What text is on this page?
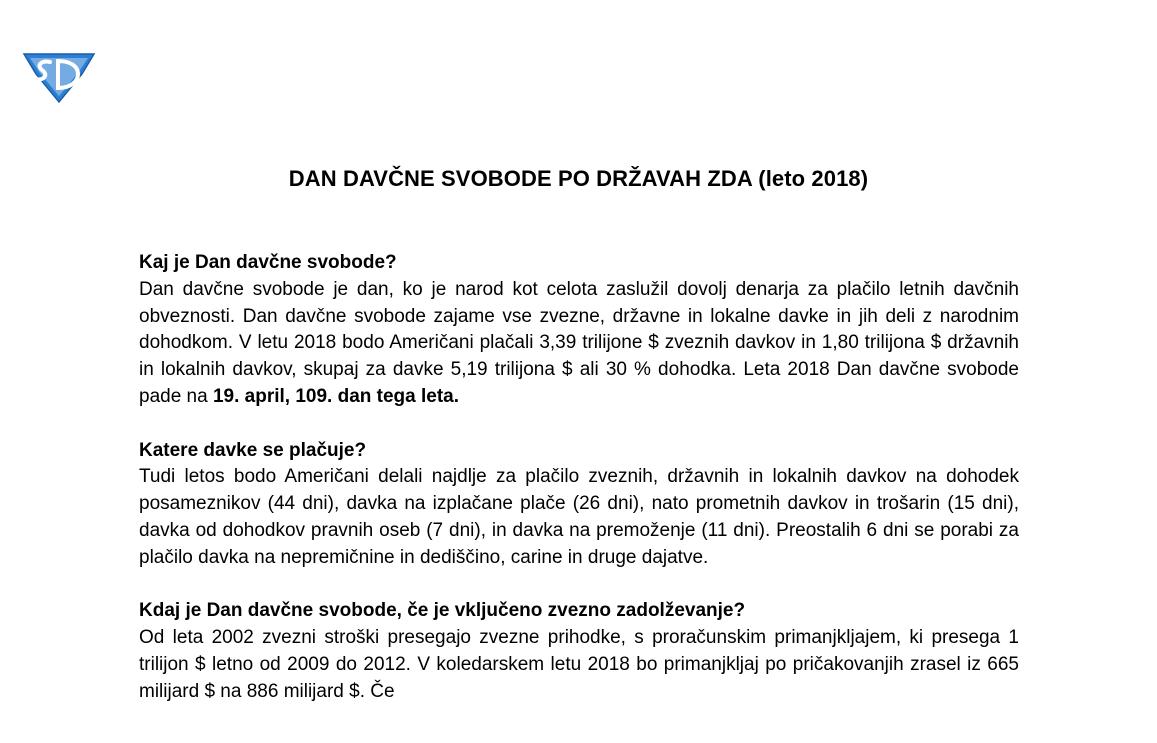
DAN DAVČNE SVOBODE PO DRŽAVAH ZDA (leto 2018)
Kaj je Dan davčne svobode?

Dan davčne svobode je dan, ko je narod kot celota zaslužil dovolj denarja za plačilo letnih davčnih obveznosti. Dan davčne svobode zajame vse zvezne, državne in lokalne davke in jih deli z narodnim dohodkom. V letu 2018 bodo Američani plačali 3,39 trilijone $ zveznih davkov in 1,80 trilijona $ državnih in lokalnih davkov, skupaj za davke 5,19 trilijona $ ali 30 % dohodka. Leta 2018 Dan davčne svobode pade na 19. april, 109. dan tega leta.

Katere davke se plačuje?

Tudi letos bodo Američani delali najdlje za plačilo zveznih, državnih in lokalnih davkov na dohodek posameznikov (44 dni), davka na izplačane plače (26 dni), nato prometnih davkov in trošarin (15 dni), davka od dohodkov pravnih oseb (7 dni), in davka na premoženje (11 dni). Preostalih 6 dni se porabi za plačilo davka na nepremičnine in dediščino, carine in druge dajatve.

Kdaj je Dan davčne svobode, če je vključeno zvezno zadolževanje?

Od leta 2002 zvezni stroški presegajo zvezne prihodke, s proračunskim primanjkljajem, ki presega 1 trilijon $ letno od 2009 do 2012. V koledarskem letu 2018 bo primanjkljaj po pričakovanjih zrasel iz 665 milijard $ na 886 milijard $. Če
